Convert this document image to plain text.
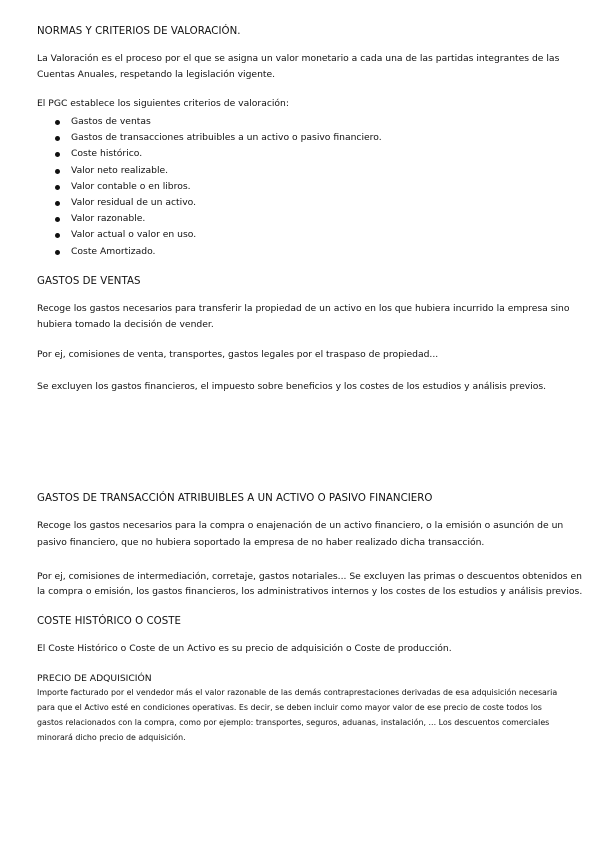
NORMAS Y CRITERIOS DE VALORACIÓN.

La Valoración es el proceso por el que se asigna un valor monetario a cada una de las partidas integrantes de las

Cuentas Anuales, respetando la legislación vigente.

El PGC establece los siguientes criterios de valoración:

Gastos de ventas
Gastos de transacciones atribuibles a un activo o pasivo financiero.
Coste histórico.
Valor neto realizable.
Valor contable o en libros.
Valor residual de un activo.
Valor razonable.
Valor actual o valor en uso.
Coste Amortizado.

GASTOS DE VENTAS

Recoge los gastos necesarios para transferir la propiedad de un activo en los que hubiera incurrido la empresa sino

hubiera tomado la decisión de vender.

Por ej, comisiones de venta, transportes, gastos legales por el traspaso de propiedad...

Se excluyen los gastos financieros, el impuesto sobre beneficios y los costes de los estudios y análisis previos.

GASTOS DE TRANSACCIÓN ATRIBUIBLES A UN ACTIVO O PASIVO FINANCIERO

Recoge los gastos necesarios para la compra o enajenación de un activo financiero, o la emisión o asunción de un

pasivo financiero, que no hubiera soportado la empresa de no haber realizado dicha transacción.

Por ej, comisiones de intermediación, corretaje, gastos notariales... Se excluyen las primas o descuentos obtenidos en

la compra o emisión, los gastos financieros, los administrativos internos y los costes de los estudios y análisis previos.

COSTE HISTÓRICO O COSTE

El Coste Histórico o Coste de un Activo es su precio de adquisición o Coste de producción.

PRECIO DE ADQUISICIÓN

Importe facturado por el vendedor más el valor razonable de las demás contraprestaciones derivadas de esa adquisición necesaria

para que el Activo esté en condiciones operativas. Es decir, se deben incluir como mayor valor de ese precio de coste todos los

gastos relacionados con la compra, como por ejemplo: transportes, seguros, aduanas, instalación, ... Los descuentos comerciales

minorará dicho precio de adquisición.
